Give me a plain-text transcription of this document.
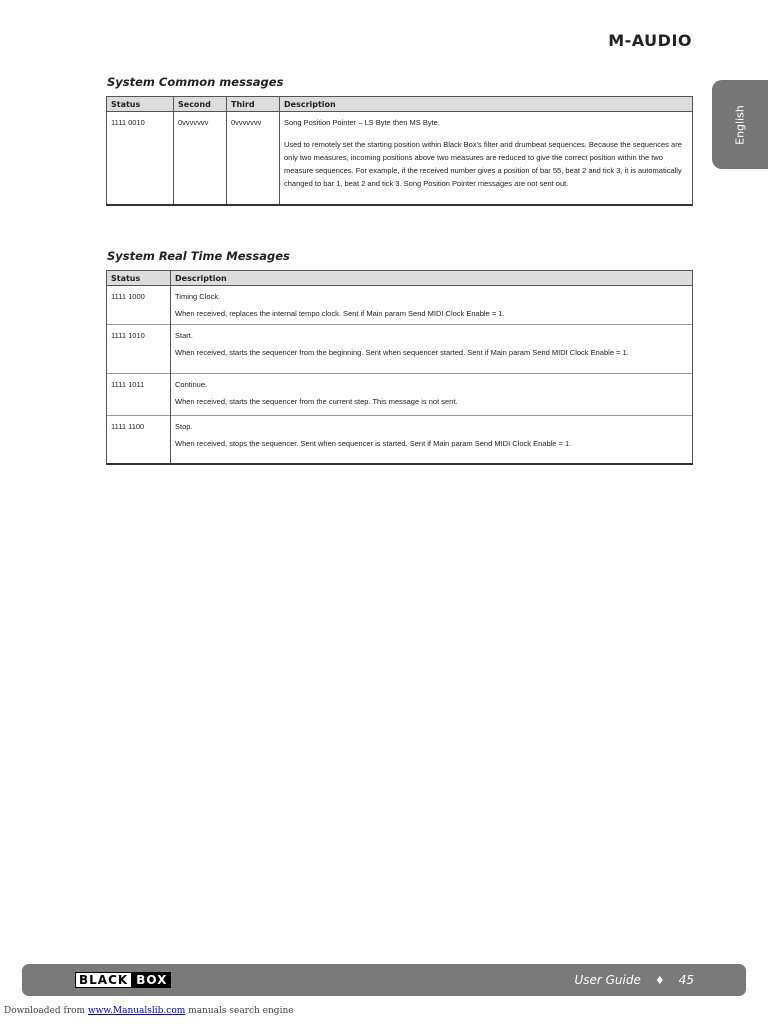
M-AUDIO
English
System Common messages
Status	Second	Third	Description
1111 0010	0vvvvvvv	0vvvvvvv	Song Position Pointer – LS Byte then MS Byte.

Used to remotely set the starting position within Black Box's filter and drumbeat sequences. Because the sequences are only two measures, incoming positions above two measures are reduced to give the correct position within the two measure sequences. For example, if the received number gives a position of bar 55, beat 2 and tick 3, it is automatically changed to bar 1, beat 2 and tick 3. Song Position Pointer messages are not sent out.

System Real Time Messages
Status	Description
1111 1000	Timing Clock.

When received, replaces the internal tempo clock. Sent if Main param Send MIDI Clock Enable = 1.

1111 1010	Start.

When received, starts the sequencer from the beginning. Sent when sequencer started. Sent if Main param Send MIDI Clock Enable = 1.

1111 1011	Continue.

When received, starts the sequencer from the current step. This message is not sent.

1111 1100	Stop.

When received, stops the sequencer. Sent when sequencer is started. Sent if Main param Send MIDI Clock Enable = 1.

BLACK BOX	User Guide ♦ 45
Downloaded from www.Manualslib.com manuals search engine
